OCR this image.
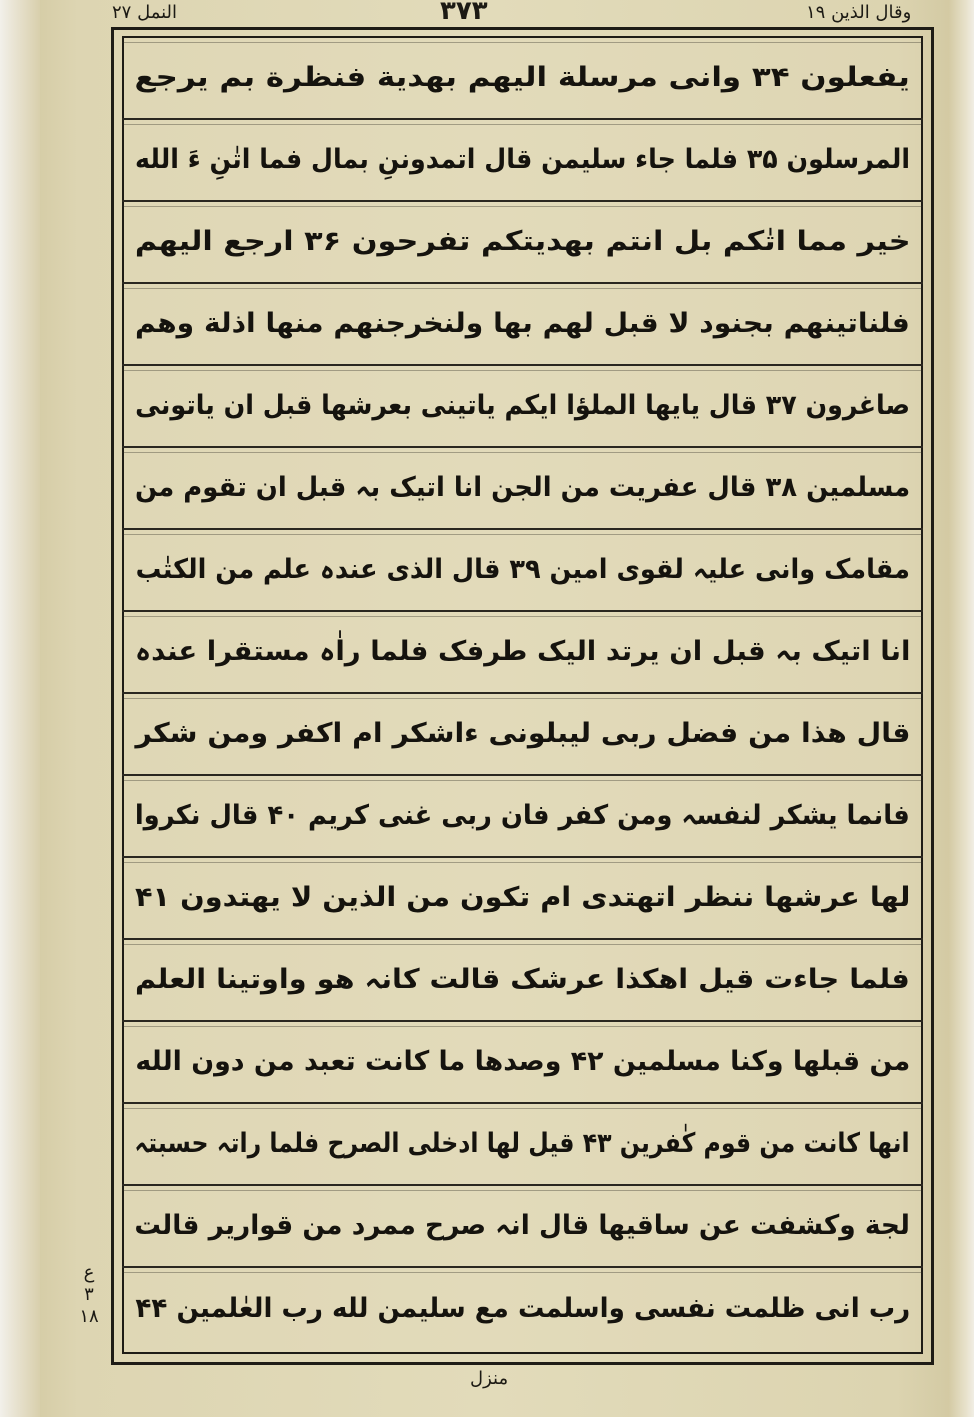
النمل ۲۷	۳۷۳	وقال الذین ۱۹
یفعلون ۳۴ وانی مرسلة الیھم بھدیة فنظرة بم یرجع
المرسلون ۳۵ فلما جاء سلیمن قال اتمدوننِ بمال فما اتٰنِ ءَ الله
خیر مما اتٰکم بل انتم بھدیتکم تفرحون ۳۶ ارجع الیھم
فلناتینھم بجنود لا قبل لھم بھا ولنخرجنھم منھا اذلة وھم
صاغرون ۳۷ قال یایھا الملؤا ایکم یاتینی بعرشھا قبل ان یاتونی
مسلمین ۳۸ قال عفریت من الجن انا اتیک بہ قبل ان تقوم من
مقامک وانی علیہ لقوی امین ۳۹ قال الذی عندہ علم من الکتٰب
انا اتیک بہ قبل ان یرتد الیک طرفک فلما راٰہ مستقرا عندہ
قال ھذا من فضل ربی لیبلونی ءاشکر ام اکفر ومن شکر
فانما یشکر لنفسہ ومن کفر فان ربی غنی کریم ۴۰ قال نکروا
لھا عرشھا ننظر اتھتدی ام تکون من الذین لا یھتدون ۴۱
فلما جاءت قیل اھکذا عرشک قالت کانہ ھو واوتینا العلم
من قبلھا وکنا مسلمین ۴۲ وصدھا ما کانت تعبد من دون الله
انھا کانت من قوم کٰفرین ۴۳ قیل لھا ادخلی الصرح فلما راتہ حسبتہ
لجة وکشفت عن ساقیھا قال انہ صرح ممرد من قواریر قالت
رب انی ظلمت نفسی واسلمت مع سلیمن لله رب العٰلمین ۴۴
ع
۳
۱۸
منزل
